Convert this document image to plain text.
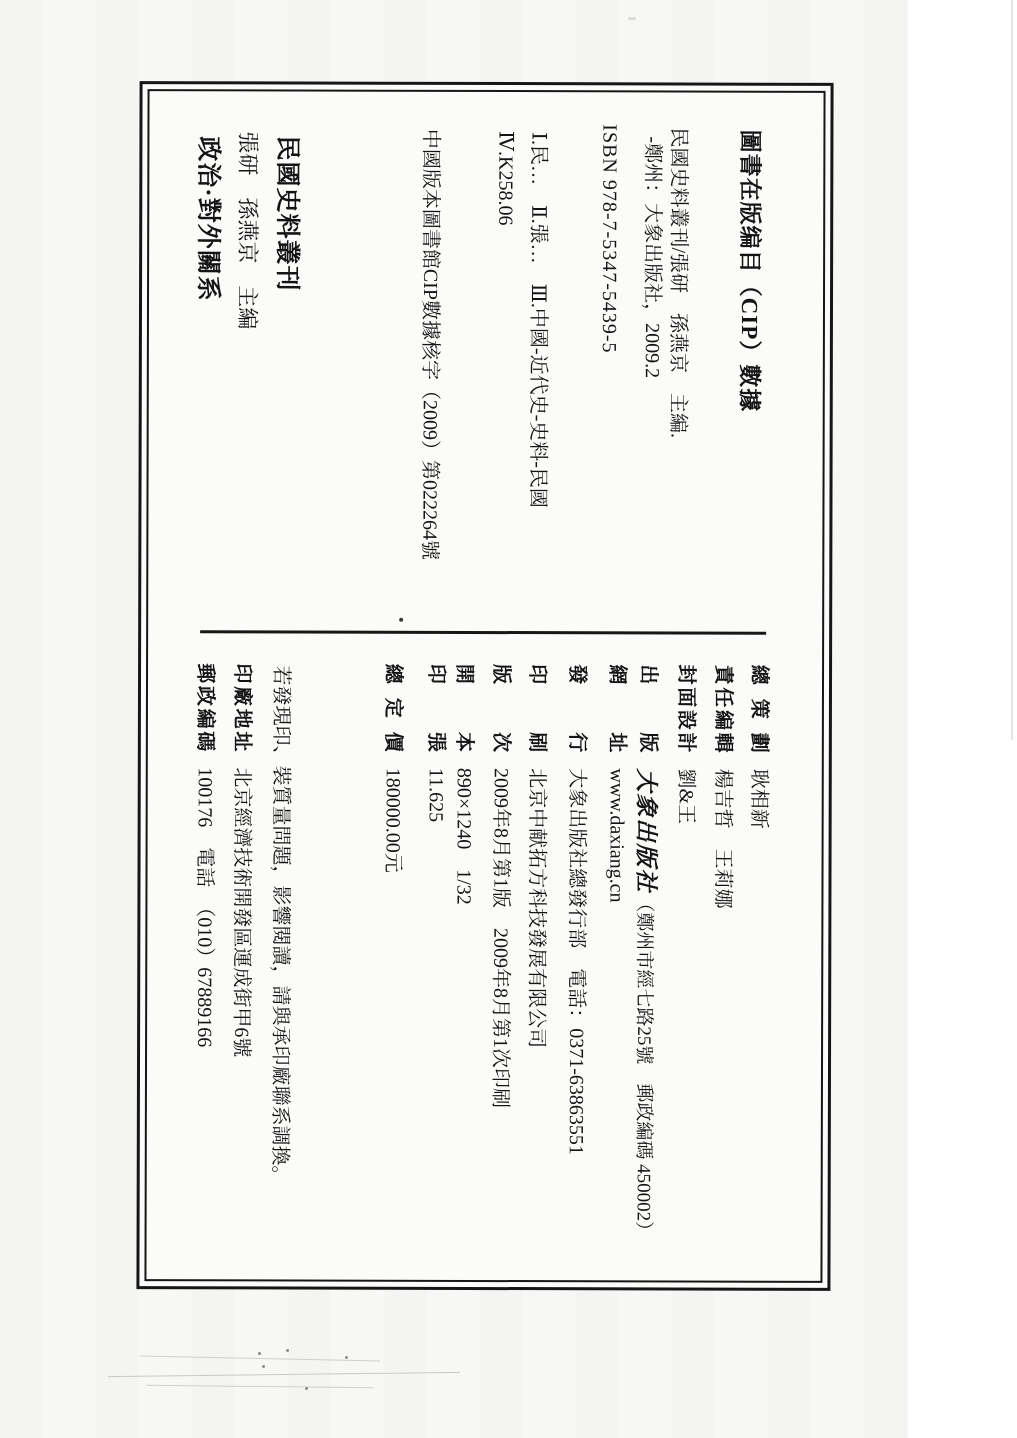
圖書在版编目（CIP）數據
民國史料叢刊/張研　孫燕京　主編.
-鄭州：大象出版社，2009.2
ISBN 978-7-5347-5439-5
Ⅰ.民…　Ⅱ.張…　Ⅲ.中國-近代史-史料-民國
Ⅳ.K258.06
中國版本圖書館CIP數據核字（2009）第022264號
民國史料叢刊
張研　孫燕京　主編
政治·對外關系
總策劃耿相新
責任編輯楊吉哲　王莉娜
封面設計劉&王
出版大象出版社（鄭州市經七路25號　郵政編碼 450002）
網址www.daxiang.cn
發行大象出版社總發行部　電話：0371-63863551
印刷北京中献拓方科技發展有限公司
版次2009年8月第1版　2009年8月第1次印刷
開本890×1240　1/32
印張11.625
總定價180000.00元
若發現印、裝質量問題，影響閱讀，請與承印廠聯系調換。
印廠地址北京經濟技術開發區運成街甲6號
郵政編碼100176　電話　（010）67889166
